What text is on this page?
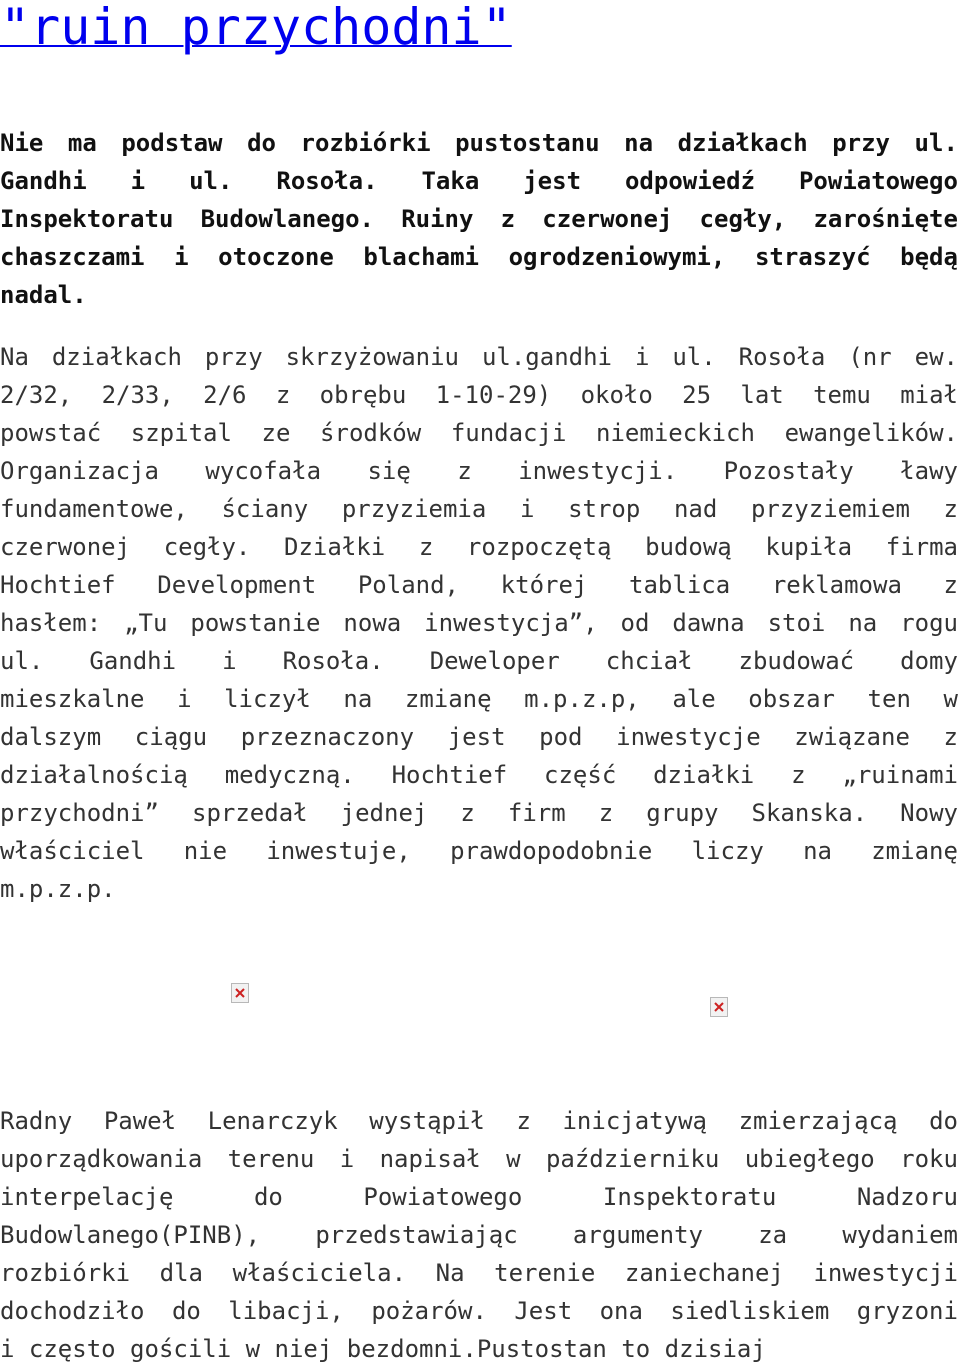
"ruin przychodni"
Nie ma podstaw do rozbiórki pustostanu na działkach przy ul.
Gandhi i ul. Rosoła. Taka jest odpowiedź Powiatowego
Inspektoratu Budowlanego. Ruiny z czerwonej cegły, zarośnięte
chaszczami i otoczone blachami ogrodzeniowymi, straszyć będą
nadal.
Na działkach przy skrzyżowaniu ul.gandhi i ul. Rosoła (nr ew.
2/32, 2/33, 2/6 z obrębu 1-10-29) około 25 lat temu miał
powstać szpital ze środków fundacji niemieckich ewangelików.
Organizacja wycofała się z inwestycji. Pozostały ławy
fundamentowe, ściany przyziemia i strop nad przyziemiem z
czerwonej cegły. Działki z rozpoczętą budową kupiła firma
Hochtief Development Poland, której tablica reklamowa z
hasłem: „Tu powstanie nowa inwestycja”, od dawna stoi na rogu
ul. Gandhi i Rosoła. Deweloper chciał zbudować domy
mieszkalne i liczył na zmianę m.p.z.p, ale obszar ten w
dalszym ciągu przeznaczony jest pod inwestycje związane z
działalnością medyczną. Hochtief część działki z „ruinami
przychodni” sprzedał jednej z firm z grupy Skanska. Nowy
właściciel nie inwestuje, prawdopodobnie liczy na zmianę
m.p.z.p.
Radny Paweł Lenarczyk wystąpił z inicjatywą zmierzającą do
uporządkowania terenu i napisał w październiku ubiegłego roku
interpelację	do	Powiatowego	Inspektoratu	Nadzoru
Budowlanego(PINB), przedstawiając argumenty za wydaniem
rozbiórki dla właściciela. Na terenie zaniechanej inwestycji
dochodziło do libacji, pożarów. Jest ona siedliskiem gryzoni
i często gościli w niej bezdomni.Pustostan to dzisiaj
